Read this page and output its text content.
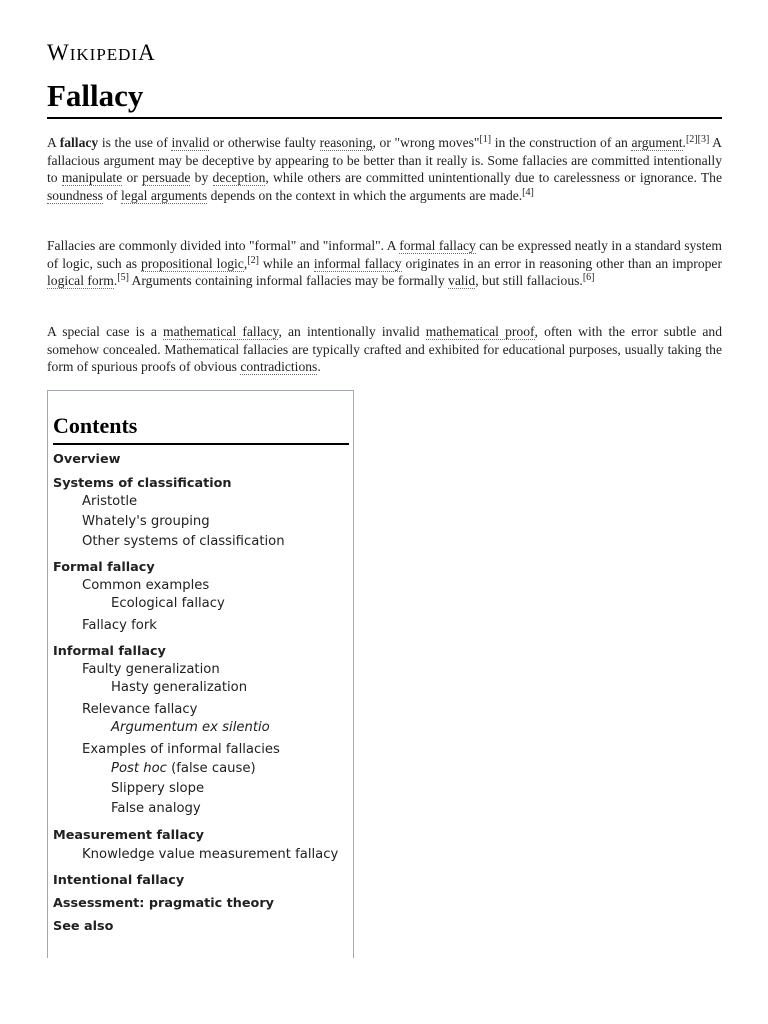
WIKIPEDIA
Fallacy

A fallacy is the use of invalid or otherwise faulty reasoning, or "wrong moves"[1] in the construction of an argument.[2][3] A fallacious argument may be deceptive by appearing to be better than it really is. Some fallacies are committed intentionally to manipulate or persuade by deception, while others are committed unintentionally due to carelessness or ignorance. The soundness of legal arguments depends on the context in which the arguments are made.[4]

Fallacies are commonly divided into "formal" and "informal". A formal fallacy can be expressed neatly in a standard system of logic, such as propositional logic,[2] while an informal fallacy originates in an error in reasoning other than an improper logical form.[5] Arguments containing informal fallacies may be formally valid, but still fallacious.[6]

A special case is a mathematical fallacy, an intentionally invalid mathematical proof, often with the error subtle and somehow concealed. Mathematical fallacies are typically crafted and exhibited for educational purposes, usually taking the form of spurious proofs of obvious contradictions.

Contents
Overview
Systems of classification
Aristotle
Whately's grouping
Other systems of classification
Formal fallacy
Common examples
Ecological fallacy
Fallacy fork
Informal fallacy
Faulty generalization
Hasty generalization
Relevance fallacy
Argumentum ex silentio
Examples of informal fallacies
Post hoc (false cause)
Slippery slope
False analogy
Measurement fallacy
Knowledge value measurement fallacy
Intentional fallacy
Assessment: pragmatic theory
See also
